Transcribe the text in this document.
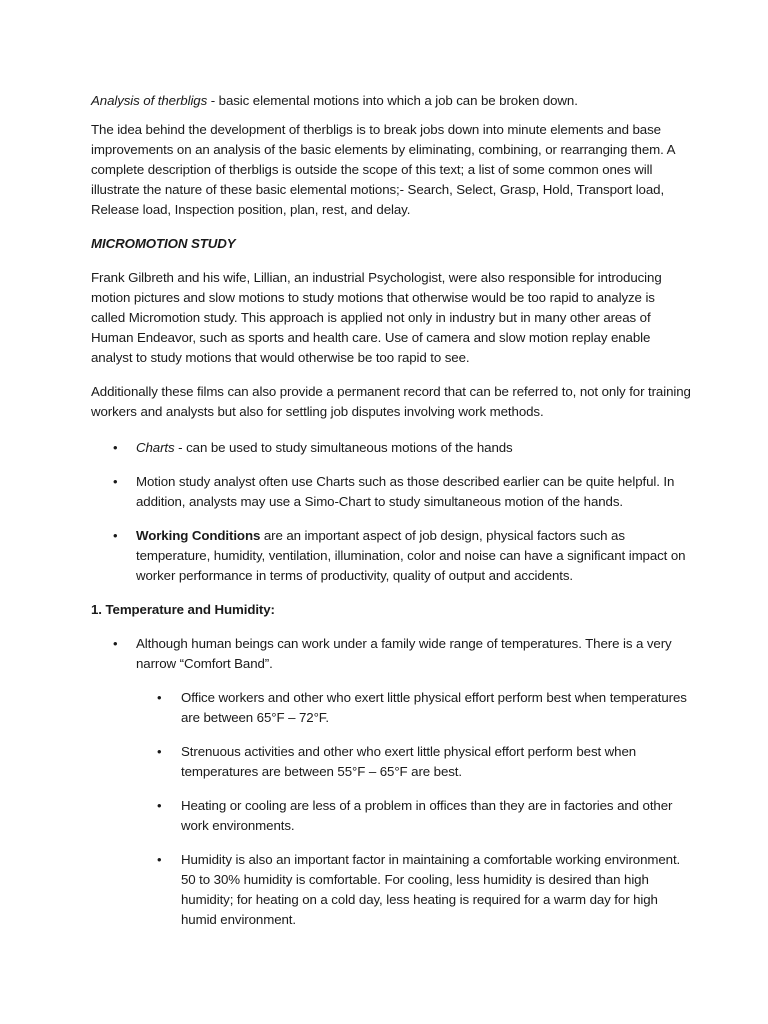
Analysis of therbligs - basic elemental motions into which a job can be broken down.

The idea behind the development of therbligs is to break jobs down into minute elements and base improvements on an analysis of the basic elements by eliminating, combining, or rearranging them. A complete description of therbligs is outside the scope of this text; a list of some common ones will illustrate the nature of these basic elemental motions;- Search, Select, Grasp, Hold, Transport load, Release load, Inspection position, plan, rest, and delay.

MICROMOTION STUDY

Frank Gilbreth and his wife, Lillian, an industrial Psychologist, were also responsible for introducing motion pictures and slow motions to study motions that otherwise would be too rapid to analyze is called Micromotion study. This approach is applied not only in industry but in many other areas of Human Endeavor, such as sports and health care. Use of camera and slow motion replay enable analyst to study motions that would otherwise be too rapid to see.

Additionally these films can also provide a permanent record that can be referred to, not only for training workers and analysts but also for settling job disputes involving work methods.

• Charts - can be used to study simultaneous motions of the hands
• Motion study analyst often use Charts such as those described earlier can be quite helpful. In addition, analysts may use a Simo-Chart to study simultaneous motion of the hands.
• Working Conditions are an important aspect of job design, physical factors such as temperature, humidity, ventilation, illumination, color and noise can have a significant impact on worker performance in terms of productivity, quality of output and accidents.

1. Temperature and Humidity:

• Although human beings can work under a family wide range of temperatures. There is a very narrow “Comfort Band”.
• Office workers and other who exert little physical effort perform best when temperatures are between 65°F – 72°F.
• Strenuous activities and other who exert little physical effort perform best when temperatures are between 55°F – 65°F are best.
• Heating or cooling are less of a problem in offices than they are in factories and other work environments.
• Humidity is also an important factor in maintaining a comfortable working environment. 50 to 30% humidity is comfortable. For cooling, less humidity is desired than high humidity; for heating on a cold day, less heating is required for a warm day for high humid environment.
